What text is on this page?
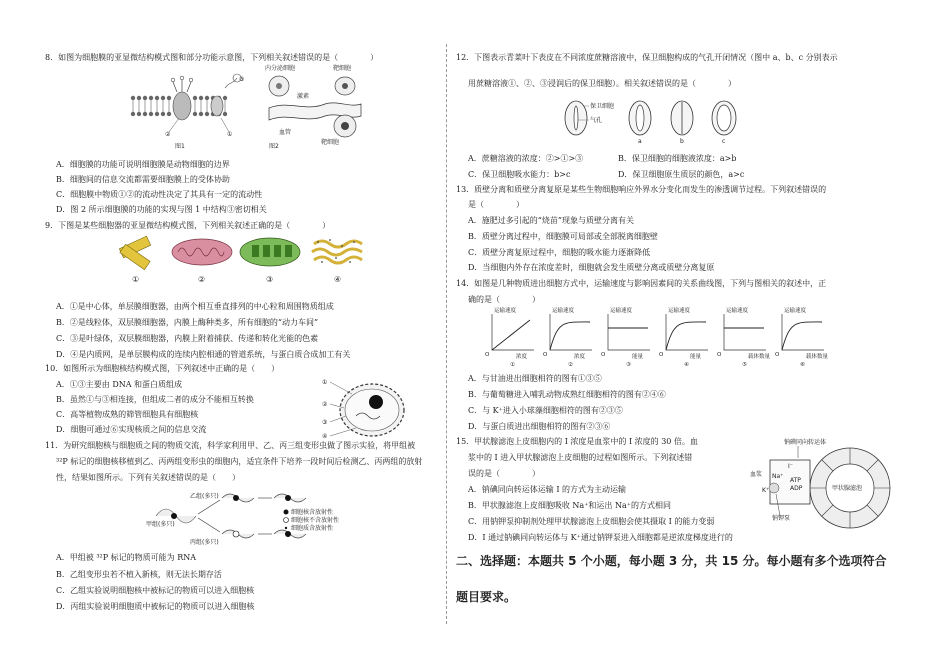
8．如图为细胞膜的亚显微结构模式图和部分功能示意图，下列相关叙述错误的是（　　　　）
③
②	①
图1
内分泌细胞	靶细胞
激素
血管
靶细胞
图2
A．细胞膜的功能可说明细胞膜是动物细胞的边界
B．细胞间的信息交流都需要细胞膜上的受体协助
C．细胞膜中物质①②的流动性决定了其具有一定的流动性
D．图 2 所示细胞膜的功能的实现与图 1 中结构③密切相关
9．下图是某些细胞器的亚显微结构模式图，下列相关叙述正确的是（　　　　）
①	②	③	④
A．①是中心体，单层膜细胞器，由两个相互垂直排列的中心粒和周围物质组成
B．②是线粒体，双层膜细胞器，内膜上酶种类多，所有细胞的“动力车间”
C．③是叶绿体，双层膜细胞器，内膜上附着捕获、传递和转化光能的色素
D．④是内质网，是单层膜构成的连续内腔相通的管道系统，与蛋白质合成加工有关
10．如图所示为细胞核结构模式图，下列叙述中正确的是（　　）
①
②
③
④
A．①③主要由 DNA 和蛋白质组成
B．虽然①与③相连接，但组成二者的成分不能相互转换
C．高等植物成熟的筛管细胞具有细胞核
D．细胞可通过⑥实现核质之间的信息交流
11．为研究细胞核与细胞质之间的物质交流，科学家利用甲、乙、丙三组变形虫做了图示实验，将甲组被
³²P 标记的细胞核移植到乙、丙两组变形虫的细胞内，适宜条件下培养一段时间后检测乙、丙两组的放射
性，结果如图所示。下列有关叙述错误的是（　　）
甲组(多只)
乙组(多只)
丙组(多只)
细胞核含放射性
细胞核不含放射性
细胞质含放射性
A．甲组被 ³²P 标记的物质可能为 RNA
B．乙组变形虫若不植入新核，则无法长期存活
C．乙组实验说明细胞核中被标记的物质可以进入细胞核
D．丙组实验说明细胞质中被标记的物质可以进入细胞核
12．下图表示青菜叶下表皮在不同浓度蔗糖溶液中，保卫细胞构成的气孔开闭情况（图中 a、b、c 分别表示
用蔗糖溶液①、②、③浸润后的保卫细胞）。相关叙述错误的是（　　　　）
保卫细胞
气孔
a	b	c
A．蔗糖溶液的浓度：②>①>③	B．保卫细胞的细胞液浓度：a>b
C．保卫细胞吸水能力：b>c	D．保卫细胞原生质层的颜色，a>c
13．质壁分离和质壁分离复原是某些生物细胞响应外界水分变化而发生的渗透调节过程。下列叙述错误的
是（　　　　）
A．施肥过多引起的“烧苗”现象与质壁分离有关
B．质壁分离过程中，细胞膜可局部或全部脱离细胞壁
C．质壁分离复原过程中，细胞的吸水能力逐渐降低
D．当细胞内外存在浓度差时，细胞就会发生质壁分离或质壁分离复原
14．如图是几种物质进出细胞方式中，运输速度与影响因素间的关系曲线图，下列与图相关的叙述中，正
确的是（　　　　）
运输速度
O	浓度
①
运输速度
O	浓度
②
运输速度
O	能量
③
运输速度
O	能量
④
运输速度
O	载体数量
⑤
运输速度
O	载体数量
⑥
A．与甘油进出细胞相符的图有①③⑤
B．与葡萄糖进入哺乳动物成熟红细胞相符的图有②④⑥
C．与 K⁺进入小球藻细胞相符的图有②③⑤
D．与蛋白质进出细胞相符的图有②③⑥
15．甲状腺滤泡上皮细胞内的 I 浓度是血浆中的 I 浓度的 30 倍。血
浆中的 I 进入甲状腺滤泡上皮细胞的过程如图所示。下列叙述错
误的是（　　　　）
钠碘同向转运体
甲状腺滤泡
血浆
I⁻
Na⁺
ATP
ADP
K⁺
钠钾泵
A．钠碘同向转运体运输 I 的方式为主动运输
B．甲状腺滤泡上皮细胞吸收 Na⁺和运出 Na⁺的方式相同
C．用钠钾泵抑制剂处理甲状腺滤泡上皮细胞会使其摄取 I 的能力变弱
D．I 通过钠碘同向转运体与 K⁺通过钠钾泵进入细胞都是逆浓度梯度进行的
二、选择题：本题共 5 个小题，每小题 3 分，共 15 分。每小题有多个选项符合
题目要求。
